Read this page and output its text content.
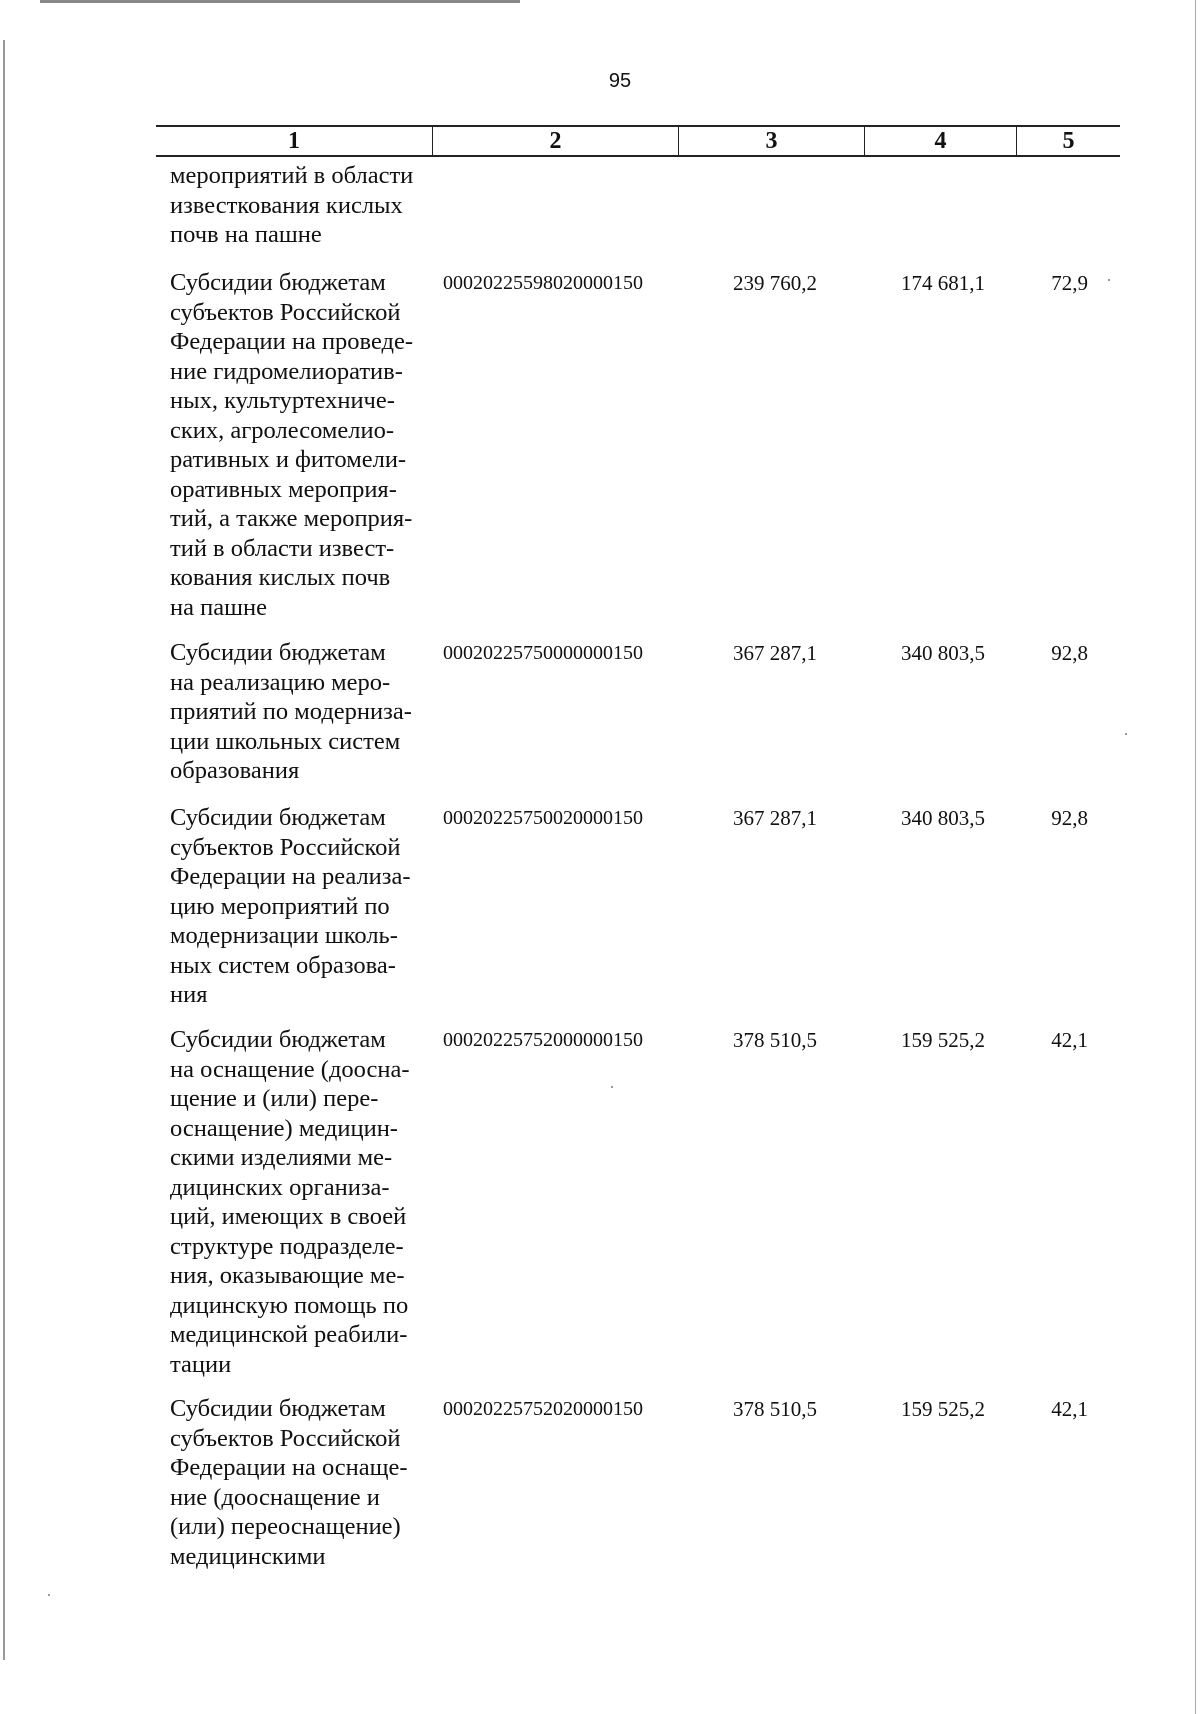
95
1	2	3	4	5
мероприятий в области
известкования кислых
почв на пашне
Субсидии бюджетам
субъектов Российской
Федерации на проведе-
ние гидромелиоратив-
ных, культуртехниче-
ских, агролесомелио-
ративных и фитомели-
оративных мероприя-
тий, а также мероприя-
тий в области извест-
кования кислых почв
на пашне
00020225598020000150	239 760,2	174 681,1	72,9
Субсидии бюджетам
на реализацию меро-
приятий по модерниза-
ции школьных систем
образования
00020225750000000150	367 287,1	340 803,5	92,8
Субсидии бюджетам
субъектов Российской
Федерации на реализа-
цию мероприятий по
модернизации школь-
ных систем образова-
ния
00020225750020000150	367 287,1	340 803,5	92,8
Субсидии бюджетам
на оснащение (доосна-
щение и (или) пере-
оснащение) медицин-
скими изделиями ме-
дицинских организа-
ций, имеющих в своей
структуре подразделе-
ния, оказывающие ме-
дицинскую помощь по
медицинской реабили-
тации
00020225752000000150	378 510,5	159 525,2	42,1
Субсидии бюджетам
субъектов Российской
Федерации на оснаще-
ние (дооснащение и
(или) переоснащение)
медицинскими
00020225752020000150	378 510,5	159 525,2	42,1
